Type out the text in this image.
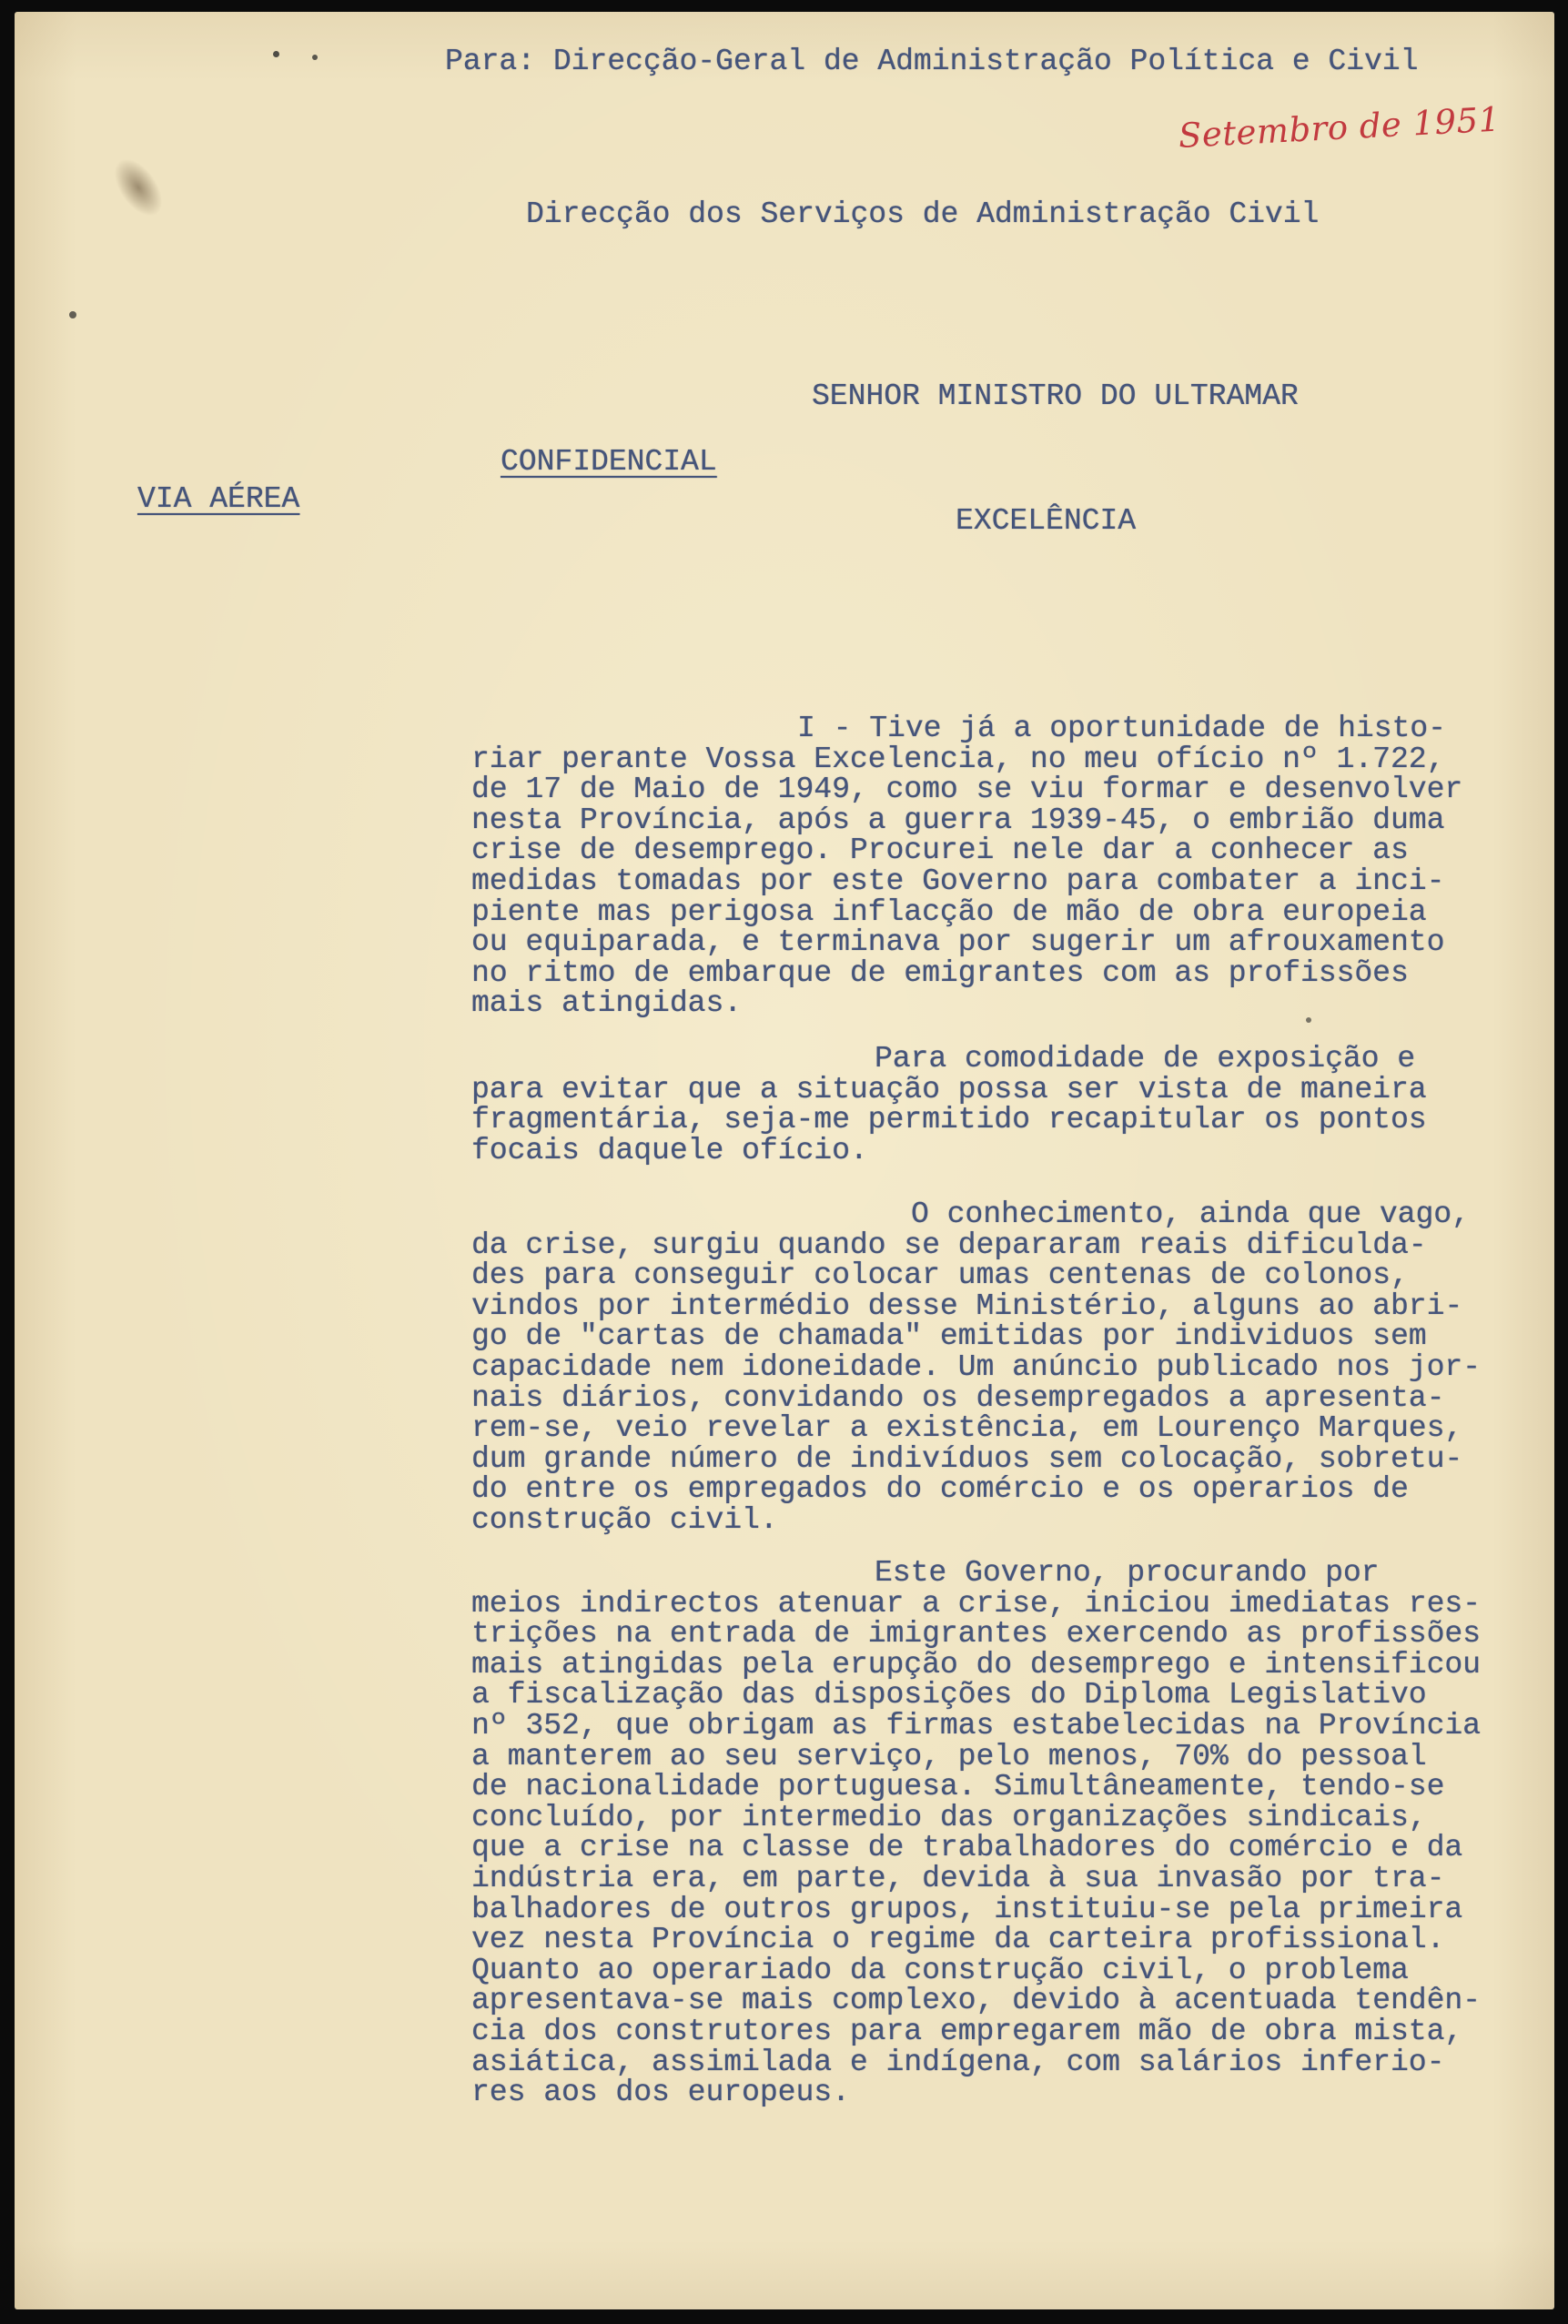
Para: Direcção-Geral de Administração Política e Civil
Setembro de 1951
Direcção dos Serviços de Administração Civil
SENHOR MINISTRO DO ULTRAMAR
CONFIDENCIAL
VIA AÉREA
EXCELÊNCIA
I - Tive já a oportunidade de histo-
riar perante Vossa Excelencia, no meu ofício nº 1.722,
de 17 de Maio de 1949, como se viu formar e desenvolver
nesta Província, após a guerra 1939-45, o embrião duma
crise de desemprego. Procurei nele dar a conhecer as
medidas tomadas por este Governo para combater a inci-
piente mas perigosa inflacção de mão de obra europeia
ou equiparada, e terminava por sugerir um afrouxamento
no ritmo de embarque de emigrantes com as profissões
mais atingidas.
Para comodidade de exposição e
para evitar que a situação possa ser vista de maneira
fragmentária, seja-me permitido recapitular os pontos
focais daquele ofício.
O conhecimento, ainda que vago,
da crise, surgiu quando se depararam reais dificulda-
des para conseguir colocar umas centenas de colonos,
vindos por intermédio desse Ministério, alguns ao abri-
go de "cartas de chamada" emitidas por individuos sem
capacidade nem idoneidade. Um anúncio publicado nos jor-
nais diários, convidando os desempregados a apresenta-
rem-se, veio revelar a existência, em Lourenço Marques,
dum grande número de indivíduos sem colocação, sobretu-
do entre os empregados do comércio e os operarios de
construção civil.
Este Governo, procurando por
meios indirectos atenuar a crise, iniciou imediatas res-
trições na entrada de imigrantes exercendo as profissões
mais atingidas pela erupção do desemprego e intensificou
a fiscalização das disposições do Diploma Legislativo
nº 352, que obrigam as firmas estabelecidas na Província
a manterem ao seu serviço, pelo menos, 70% do pessoal
de nacionalidade portuguesa. Simultâneamente, tendo-se
concluído, por intermedio das organizações sindicais,
que a crise na classe de trabalhadores do comércio e da
indústria era, em parte, devida à sua invasão por tra-
balhadores de outros grupos, instituiu-se pela primeira
vez nesta Província o regime da carteira profissional.
Quanto ao operariado da construção civil, o problema
apresentava-se mais complexo, devido à acentuada tendên-
cia dos construtores para empregarem mão de obra mista,
asiática, assimilada e indígena, com salários inferio-
res aos dos europeus.
